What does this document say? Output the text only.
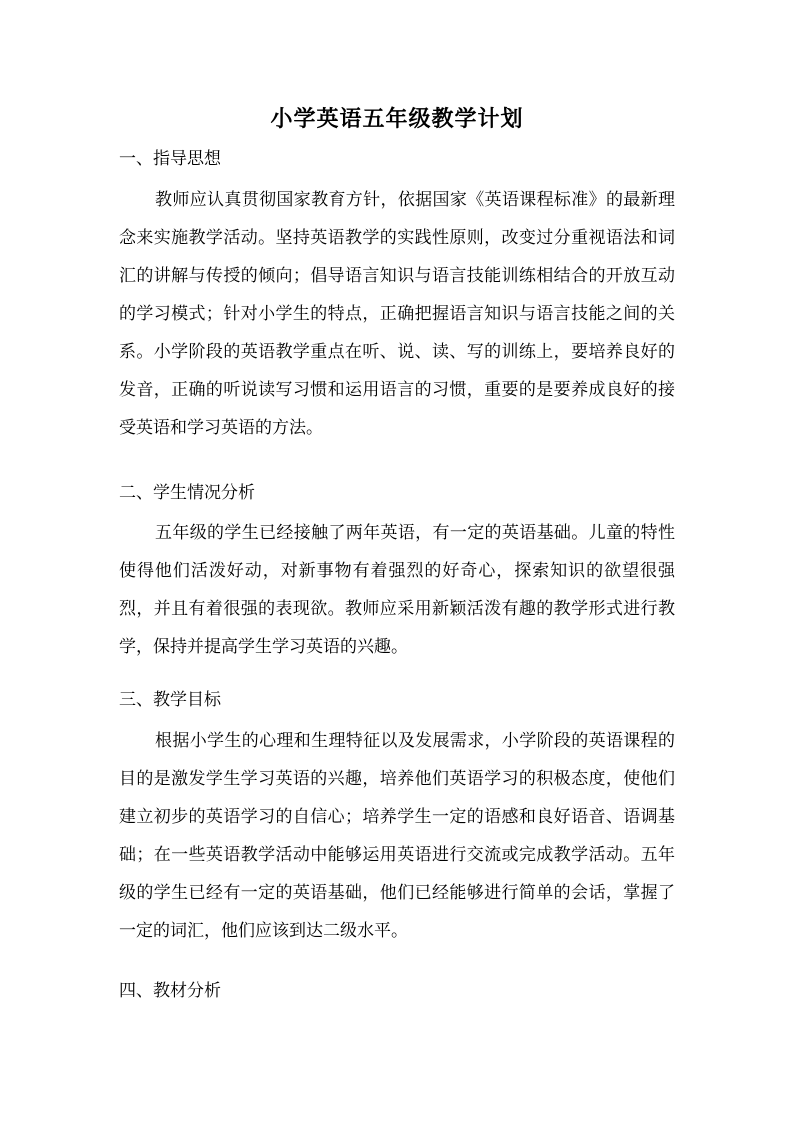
小学英语五年级教学计划
一、指导思想
教师应认真贯彻国家教育方针，依据国家《英语课程标准》的最新理念来实施教学活动。坚持英语教学的实践性原则，改变过分重视语法和词汇的讲解与传授的倾向；倡导语言知识与语言技能训练相结合的开放互动的学习模式；针对小学生的特点，正确把握语言知识与语言技能之间的关系。小学阶段的英语教学重点在听、说、读、写的训练上，要培养良好的发音，正确的听说读写习惯和运用语言的习惯，重要的是要养成良好的接受英语和学习英语的方法。
二、学生情况分析
五年级的学生已经接触了两年英语，有一定的英语基础。儿童的特性使得他们活泼好动，对新事物有着强烈的好奇心，探索知识的欲望很强烈，并且有着很强的表现欲。教师应采用新颖活泼有趣的教学形式进行教学，保持并提高学生学习英语的兴趣。
三、教学目标
根据小学生的心理和生理特征以及发展需求，小学阶段的英语课程的目的是激发学生学习英语的兴趣，培养他们英语学习的积极态度，使他们建立初步的英语学习的自信心；培养学生一定的语感和良好语音、语调基础；在一些英语教学活动中能够运用英语进行交流或完成教学活动。五年级的学生已经有一定的英语基础，他们已经能够进行简单的会话，掌握了一定的词汇，他们应该到达二级水平。
四、教材分析
